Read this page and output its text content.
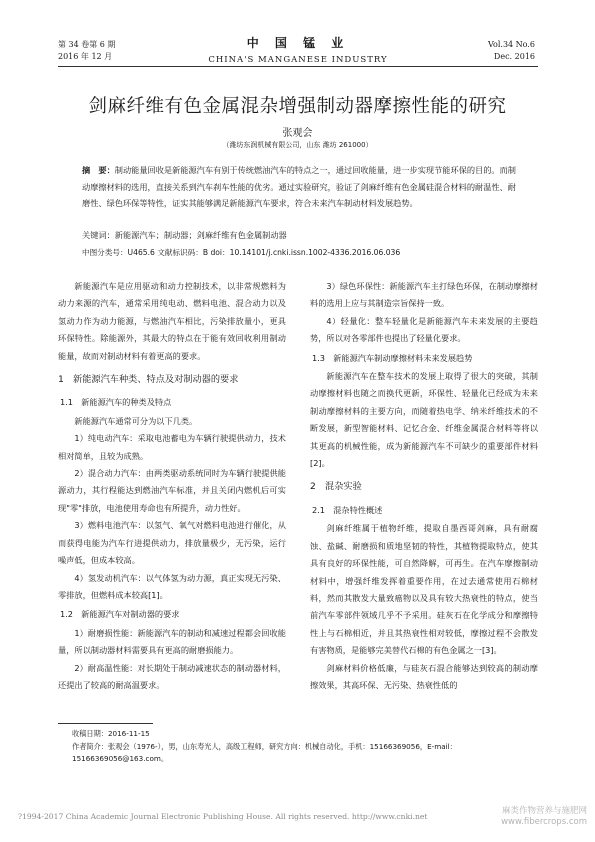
第 34 卷第 6 期
2016 年 12 月
中 国 锰 业
CHINA'S MANGANESE INDUSTRY
Vol.34 No.6
Dec. 2016
剑麻纤维有色金属混杂增强制动器摩擦性能的研究
张观会
（潍坊东润机械有限公司，山东 潍坊 261000）
摘　要：制动能量回收是新能源汽车有别于传统燃油汽车的特点之一，通过回收能量，进一步实现节能环保的目的。而制动摩擦材料的选用，直接关系到汽车刹车性能的优劣。通过实验研究，验证了剑麻纤维有色金属硅混合材料的耐温性、耐磨性、绿色环保等特性，证实其能够满足新能源汽车要求，符合未来汽车制动材料发展趋势。
关键词：新能源汽车；制动器；剑麻纤维有色金属制动器
中图分类号：U465.6 文献标识码：B doi：10.14101/j.cnki.issn.1002-4336.2016.06.036

新能源汽车是应用驱动和动力控制技术，以非常规燃料为动力来源的汽车，通常采用纯电动、燃料电池、混合动力以及氢动力作为动力能源，与燃油汽车相比，污染排放量小，更具环保特性。除能源外，其最大的特点在于能有效回收利用制动能量，故而对制动材料有着更高的要求。

1　新能源汽车种类、特点及对制动器的要求
1.1　新能源汽车的种类及特点

新能源汽车通常可分为以下几类。

1）纯电动汽车：采取电池蓄电为车辆行驶提供动力，技术相对简单，且较为成熟。

2）混合动力汽车：由两类驱动系统同时为车辆行驶提供能源动力，其行程能达到燃油汽车标准，并且关闭内燃机后可实现"零"排放，电池使用寿命也有所提升，动力性好。

3）燃料电池汽车：以氢气、氧气对燃料电池进行催化，从而获得电能为汽车行进提供动力，排放量极少，无污染，运行噪声低，但成本较高。

4）氢发动机汽车：以气体氢为动力源，真正实现无污染、零排放，但燃料成本较高[1]。

1.2　新能源汽车对制动器的要求

1）耐磨损性能：新能源汽车的制动和减速过程都会回收能量，所以制动器材料需要具有更高的耐磨损能力。

2）耐高温性能：对长期处于制动减速状态的制动器材料，还提出了较高的耐高温要求。

3）绿色环保性：新能源汽车主打绿色环保，在制动摩擦材料的选用上应与其制造宗旨保持一致。

4）轻量化：整车轻量化是新能源汽车未来发展的主要趋势，所以对各零部件也提出了轻量化要求。

1.3　新能源汽车制动摩擦材料未来发展趋势

新能源汽车在整车技术的发展上取得了很大的突破，其制动摩擦材料也随之而换代更新，环保性、轻量化已经成为未来制动摩擦材料的主要方向，而随着热电学、纳米纤维技术的不断发展，新型智能材料、记忆合金、纤维金属混合材料等将以其更高的机械性能，成为新能源汽车不可缺少的重要部件材料[2]。

2　混杂实验
2.1　混杂特性概述

剑麻纤维属于植物纤维，提取自墨西哥剑麻，具有耐腐蚀、盐碱、耐磨损和质地坚韧的特性，其植物提取特点，使其具有良好的环保性能，可自然降解，可再生。在汽车摩擦制动材料中，增强纤维发挥着重要作用，在过去通常使用石棉材料，然而其散发大量致癌物以及具有较大热衰性的特点，使当前汽车零部件领域几乎不予采用。硅灰石在化学成分和摩擦特性上与石棉相近，并且其热衰性相对较低，摩擦过程不会散发有害物质，是能够完美替代石棉的有色金属之一[3]。

剑麻材料价格低廉，与硅灰石混合能够达到较高的制动摩擦效果，其高环保、无污染、热衰性低的

收稿日期：2016-11-15
作者简介：张观会（1976-），男，山东寿光人，高级工程师，研究方向：机械自动化，手机：15166369056，E-mail：15166369056@163.com。
?1994-2017 China Academic Journal Electronic Publishing House. All rights reserved. http://www.cnki.net
麻类作物营养与施肥网
www.fibercrops.com
